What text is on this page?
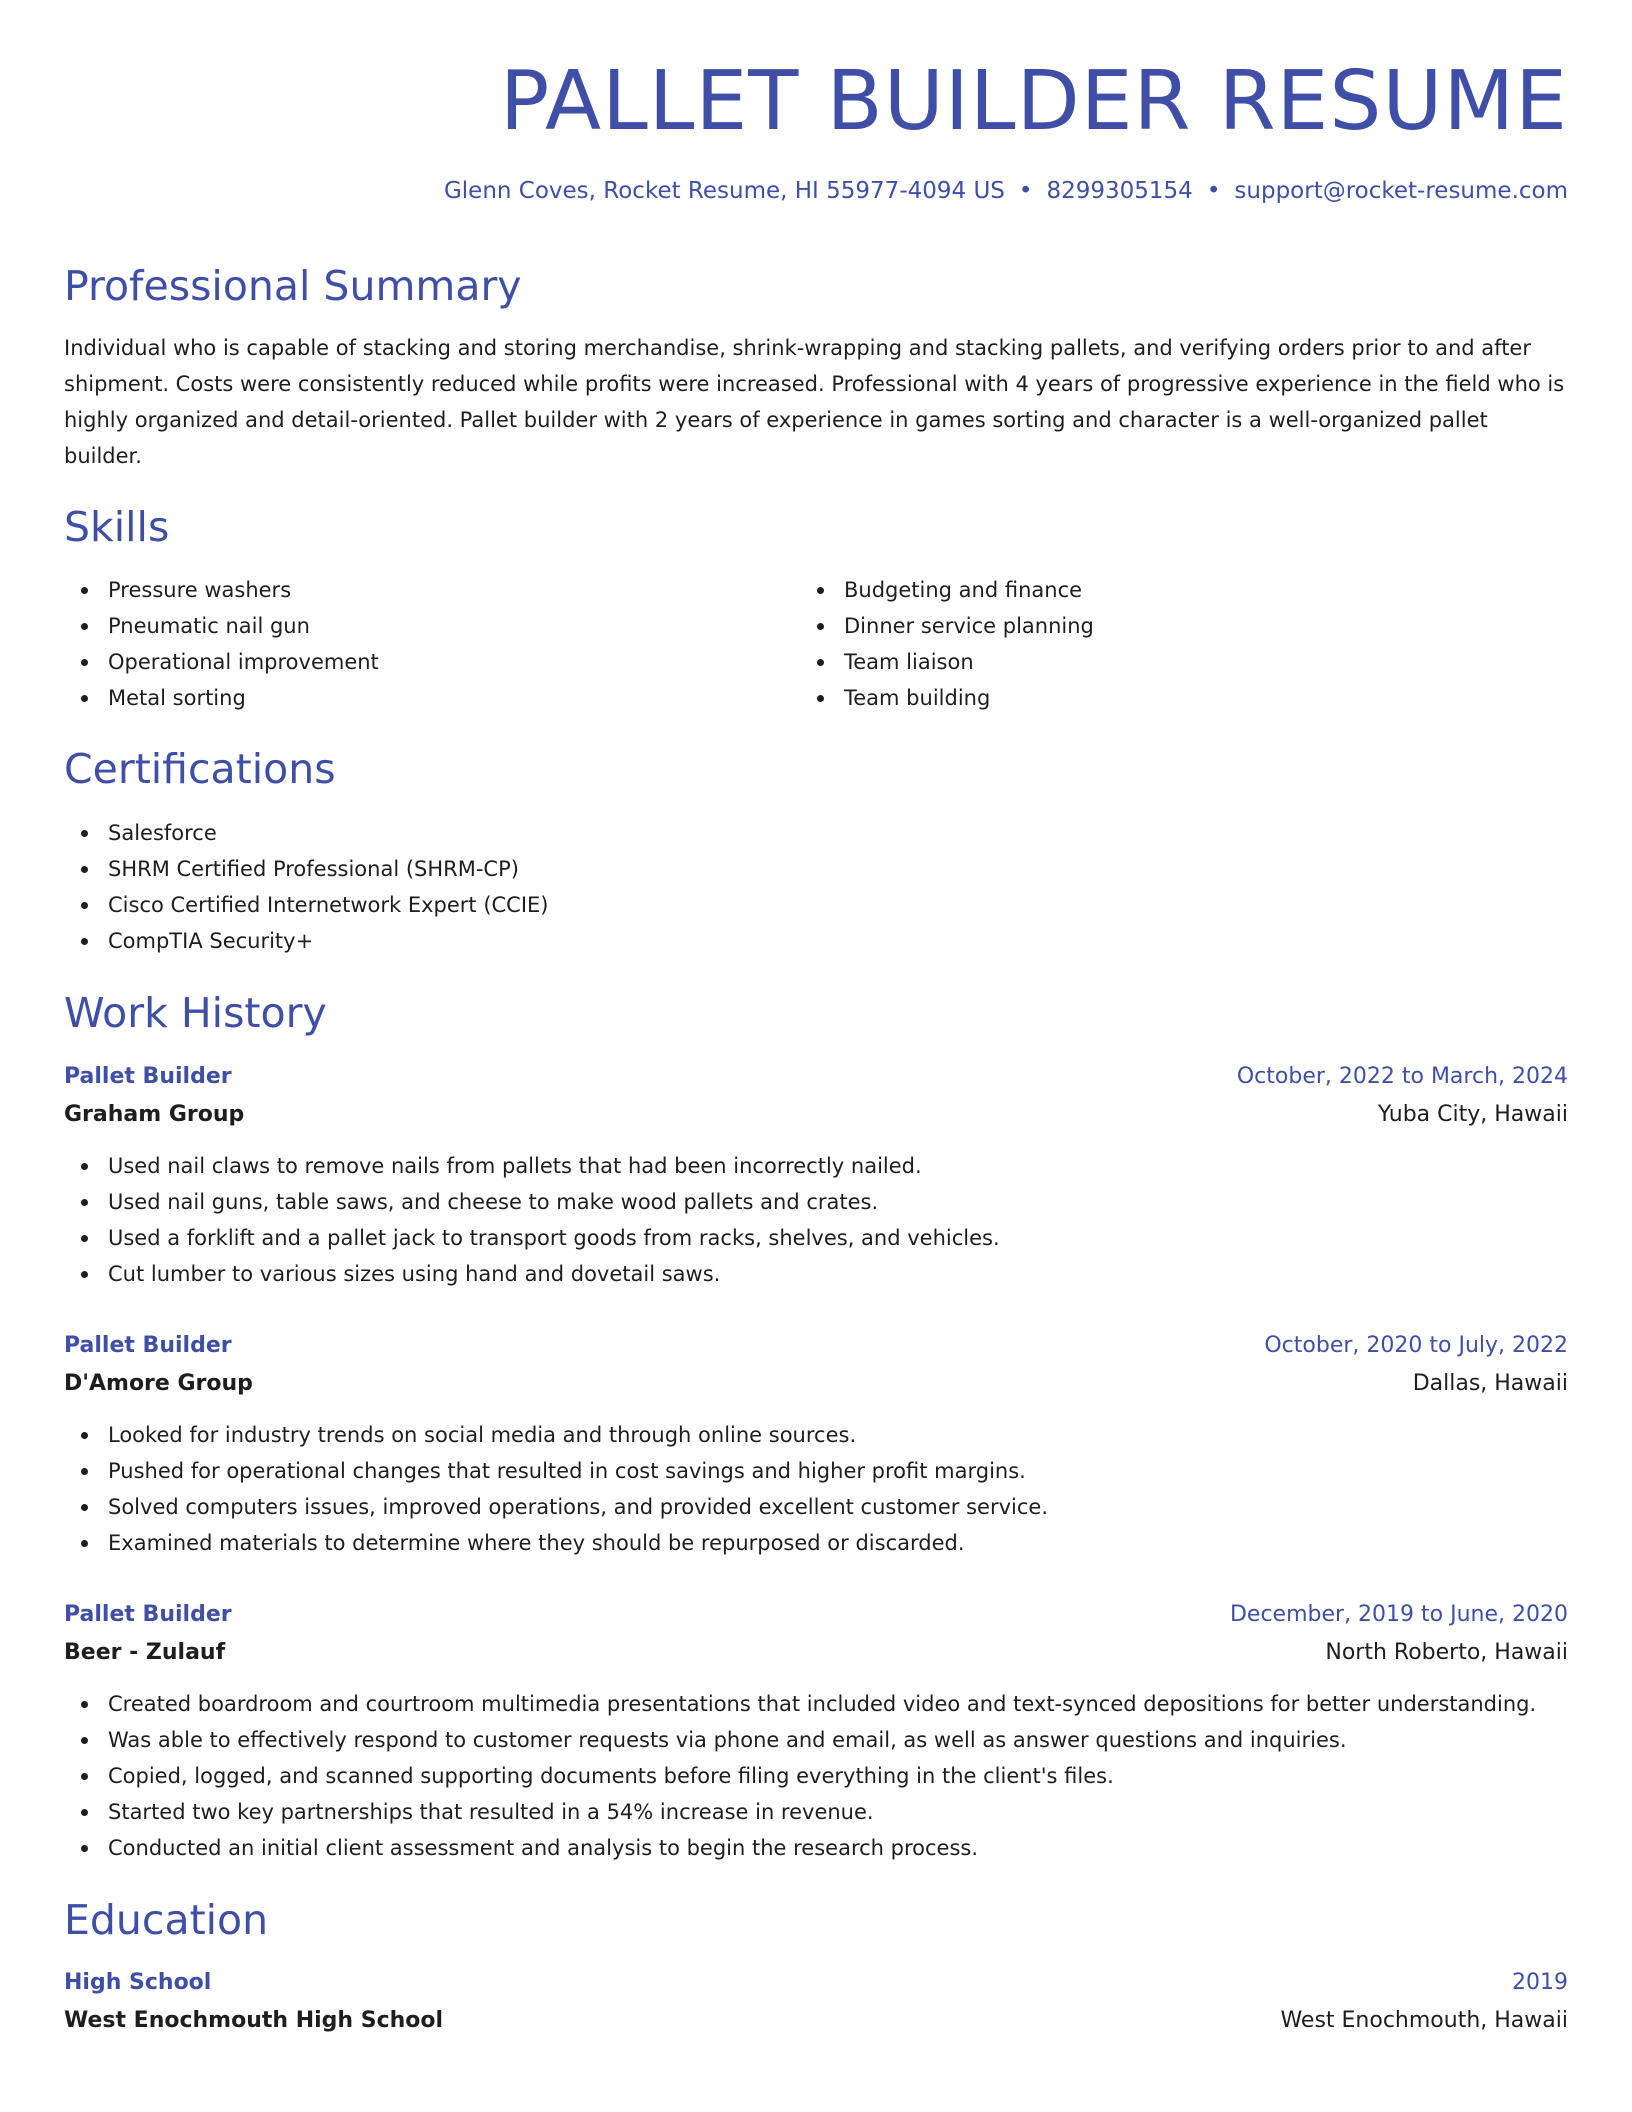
PALLET BUILDER RESUME
Glenn Coves, Rocket Resume, HI 55977-4094 US • 8299305154 • support@rocket-resume.com
Professional Summary

Individual who is capable of stacking and storing merchandise, shrink-wrapping and stacking pallets, and verifying orders prior to and after shipment. Costs were consistently reduced while profits were increased. Professional with 4 years of progressive experience in the field who is highly organized and detail-oriented. Pallet builder with 2 years of experience in games sorting and character is a well-organized pallet builder.

Skills
Pressure washers
Pneumatic nail gun
Operational improvement
Metal sorting
Budgeting and finance
Dinner service planning
Team liaison
Team building
Certifications
Salesforce
SHRM Certified Professional (SHRM-CP)
Cisco Certified Internetwork Expert (CCIE)
CompTIA Security+
Work History
Pallet Builder	October, 2022 to March, 2024
Graham Group	Yuba City, Hawaii
Used nail claws to remove nails from pallets that had been incorrectly nailed.
Used nail guns, table saws, and cheese to make wood pallets and crates.
Used a forklift and a pallet jack to transport goods from racks, shelves, and vehicles.
Cut lumber to various sizes using hand and dovetail saws.
Pallet Builder	October, 2020 to July, 2022
D'Amore Group	Dallas, Hawaii
Looked for industry trends on social media and through online sources.
Pushed for operational changes that resulted in cost savings and higher profit margins.
Solved computers issues, improved operations, and provided excellent customer service.
Examined materials to determine where they should be repurposed or discarded.
Pallet Builder	December, 2019 to June, 2020
Beer - Zulauf	North Roberto, Hawaii
Created boardroom and courtroom multimedia presentations that included video and text-synced depositions for better understanding.
Was able to effectively respond to customer requests via phone and email, as well as answer questions and inquiries.
Copied, logged, and scanned supporting documents before filing everything in the client's files.
Started two key partnerships that resulted in a 54% increase in revenue.
Conducted an initial client assessment and analysis to begin the research process.
Education
High School	2019
West Enochmouth High School	West Enochmouth, Hawaii
